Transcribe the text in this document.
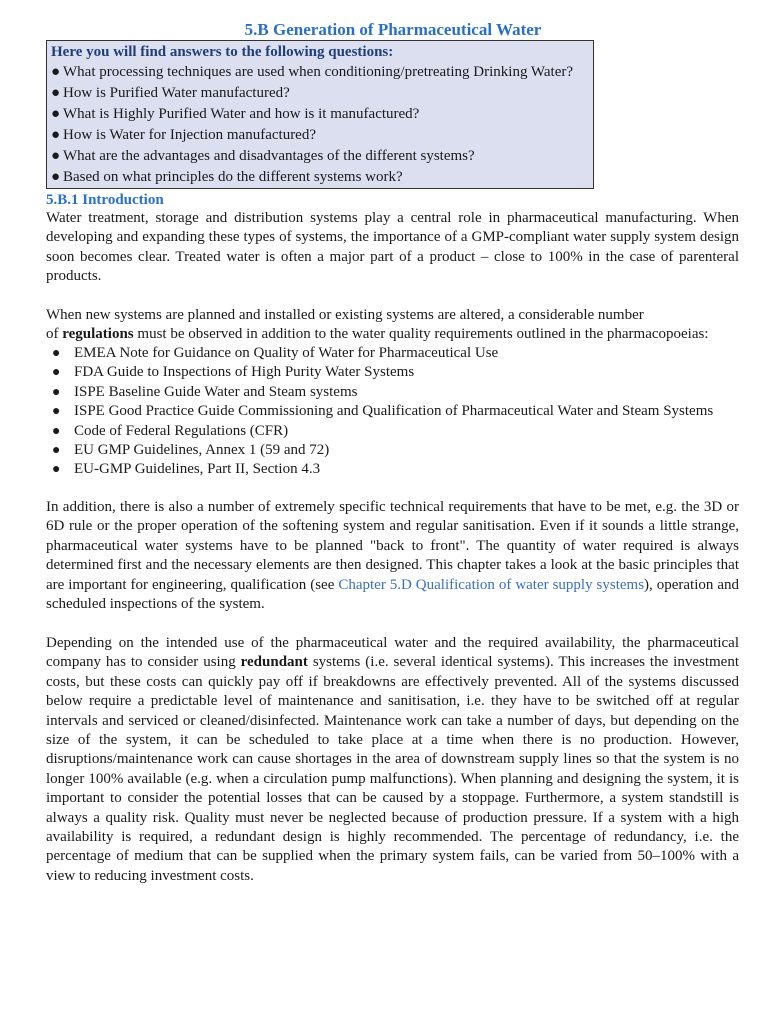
5.B Generation of Pharmaceutical Water
Here you will find answers to the following questions:
● What processing techniques are used when conditioning/pretreating Drinking Water?
● How is Purified Water manufactured?
● What is Highly Purified Water and how is it manufactured?
● How is Water for Injection manufactured?
● What are the advantages and disadvantages of the different systems?
● Based on what principles do the different systems work?
5.B.1 Introduction
Water treatment, storage and distribution systems play a central role in pharmaceutical manufacturing. When developing and expanding these types of systems, the importance of a GMP-compliant water supply system design soon becomes clear. Treated water is often a major part of a product – close to 100% in the case of parenteral products.
When new systems are planned and installed or existing systems are altered, a considerable number
of regulations must be observed in addition to the water quality requirements outlined in the pharmacopoeias:
● EMEA Note for Guidance on Quality of Water for Pharmaceutical Use
● FDA Guide to Inspections of High Purity Water Systems
● ISPE Baseline Guide Water and Steam systems
● ISPE Good Practice Guide Commissioning and Qualification of Pharmaceutical Water and Steam Systems
● Code of Federal Regulations (CFR)
● EU GMP Guidelines, Annex 1 (59 and 72)
● EU-GMP Guidelines, Part II, Section 4.3
In addition, there is also a number of extremely specific technical requirements that have to be met, e.g. the 3D or 6D rule or the proper operation of the softening system and regular sanitisation. Even if it sounds a little strange, pharmaceutical water systems have to be planned "back to front". The quantity of water required is always determined first and the necessary elements are then designed. This chapter takes a look at the basic principles that are important for engineering, qualification (see Chapter 5.D Qualification of water supply systems), operation and scheduled inspections of the system.
Depending on the intended use of the pharmaceutical water and the required availability, the pharmaceutical company has to consider using redundant systems (i.e. several identical systems). This increases the investment costs, but these costs can quickly pay off if breakdowns are effectively prevented. All of the systems discussed below require a predictable level of maintenance and sanitisation, i.e. they have to be switched off at regular intervals and serviced or cleaned/disinfected. Maintenance work can take a number of days, but depending on the size of the system, it can be scheduled to take place at a time when there is no production. However, disruptions/maintenance work can cause shortages in the area of downstream supply lines so that the system is no longer 100% available (e.g. when a circulation pump malfunctions). When planning and designing the system, it is important to consider the potential losses that can be caused by a stoppage. Furthermore, a system standstill is always a quality risk. Quality must never be neglected because of production pressure. If a system with a high availability is required, a redundant design is highly recommended. The percentage of redundancy, i.e. the percentage of medium that can be supplied when the primary system fails, can be varied from 50–100% with a view to reducing investment costs.
